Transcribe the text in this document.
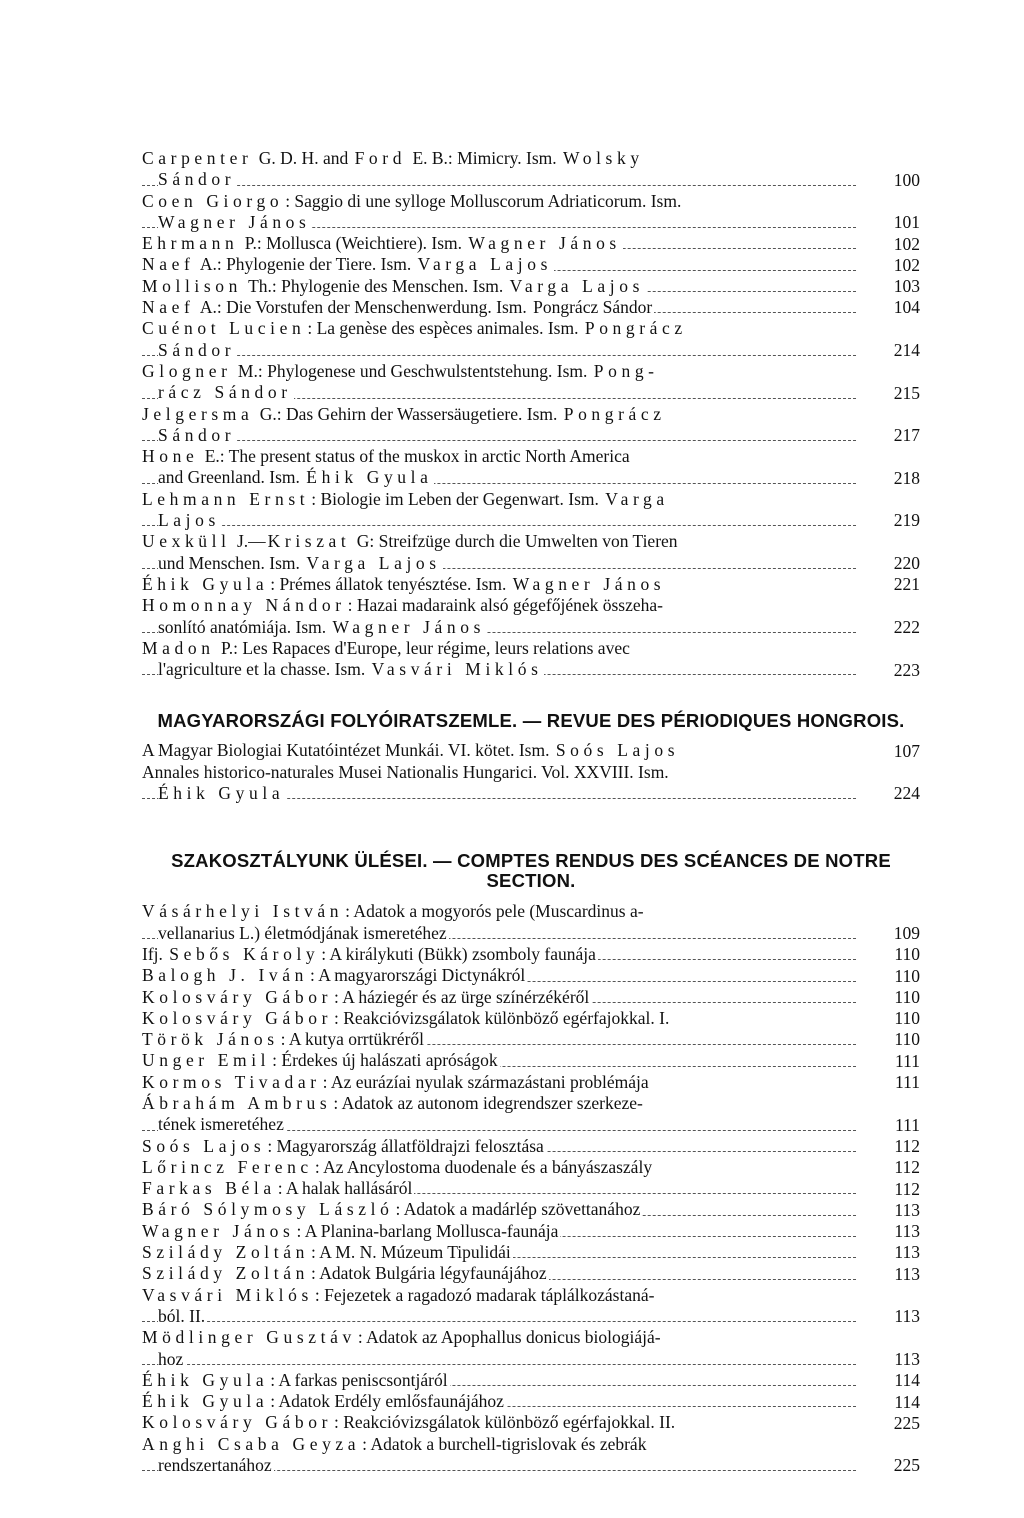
Carpenter G. D. H. and Ford E. B.: Mimicry. Ism. Wolsky
Sándor	100
Coen Giorgo : Saggio di une sylloge Molluscorum Adriaticorum. Ism.
Wagner János	101
Ehrmann P.: Mollusca (Weichtiere). Ism. Wagner János	102
Naef A.: Phylogenie der Tiere. Ism. Varga Lajos	102
Mollison Th.: Phylogenie des Menschen. Ism. Varga Lajos	103
Naef A.: Die Vorstufen der Menschenwerdung. Ism. Pongrácz Sándor	104
Cuénot Lucien : La genèse des espèces animales. Ism. Pongrácz
Sándor	214
Glogner M.: Phylogenese und Geschwulstentstehung. Ism. Pong-
rácz Sándor	215
Jelgersma G.: Das Gehirn der Wassersäugetiere. Ism. Pongrácz
Sándor	217
Hone E.: The present status of the muskox in arctic North America
and Greenland. Ism. Éhik Gyula	218
Lehmann Ernst : Biologie im Leben der Gegenwart. Ism. Varga
Lajos	219
Uexküll J.— Kriszat G: Streifzüge durch die Umwelten von Tieren
und Menschen. Ism. Varga Lajos	220
Éhik Gyula : Prémes állatok tenyésztése. Ism. Wagner János	221
Homonnay Nándor : Hazai madaraink alsó gégefőjének összeha-
sonlító anatómiája. Ism. Wagner János	222
Madon P.: Les Rapaces d'Europe, leur régime, leurs relations avec
l'agriculture et la chasse. Ism. Vasvári Miklós	223
MAGYARORSZÁGI FOLYÓIRATSZEMLE. — REVUE DES PÉRIODIQUES HONGROIS.
A Magyar Biologiai Kutatóintézet Munkái. VI. kötet. Ism. Soós Lajos	107
Annales historico-naturales Musei Nationalis Hungarici. Vol. XXVIII. Ism.
Éhik Gyula	224
SZAKOSZTÁLYUNK ÜLÉSEI. — COMPTES RENDUS DES SCÉANCES DE NOTRE SECTION.
Vásárhelyi István : Adatok a mogyorós pele (Muscardinus a-
vellanarius L.) életmódjának ismeretéhez	109
Ifj. Sebős Károly : A királykuti (Bükk) zsomboly faunája	110
Balogh J. Iván : A magyarországi Dictynákról	110
Kolosváry Gábor : A háziegér és az ürge színérzékéről	110
Kolosváry Gábor : Reakcióvizsgálatok különböző egérfajokkal. I.	110
Török János : A kutya orrtükréről	110
Unger Emil : Érdekes új halászati apróságok	111
Kormos Tivadar : Az eurázíai nyulak származástani problémája	111
Ábrahám Ambrus : Adatok az autonom idegrendszer szerkeze-
tének ismeretéhez	111
Soós Lajos : Magyarország állatföldrajzi felosztása	112
Lőrincz Ferenc : Az Ancylostoma duodenale és a bányászaszály	112
Farkas Béla : A halak hallásáról	112
Báró Sólymosy László : Adatok a madárlép szövettanához	113
Wagner János : A Planina-barlang Mollusca-faunája	113
Szilády Zoltán : A M. N. Múzeum Tipulidái	113
Szilády Zoltán : Adatok Bulgária légyfaunájához	113
Vasvári Miklós : Fejezetek a ragadozó madarak táplálkozástaná-
ból. II.	113
Mödlinger Gusztáv : Adatok az Apophallus donicus biologiájá-
hoz	113
Éhik Gyula : A farkas peniscsontjáról	114
Éhik Gyula : Adatok Erdély emlősfaunájához	114
Kolosváry Gábor : Reakcióvizsgálatok különböző egérfajokkal. II.	225
Anghi Csaba Geyza : Adatok a burchell-tigrislovak és zebrák
rendszertanához	225
